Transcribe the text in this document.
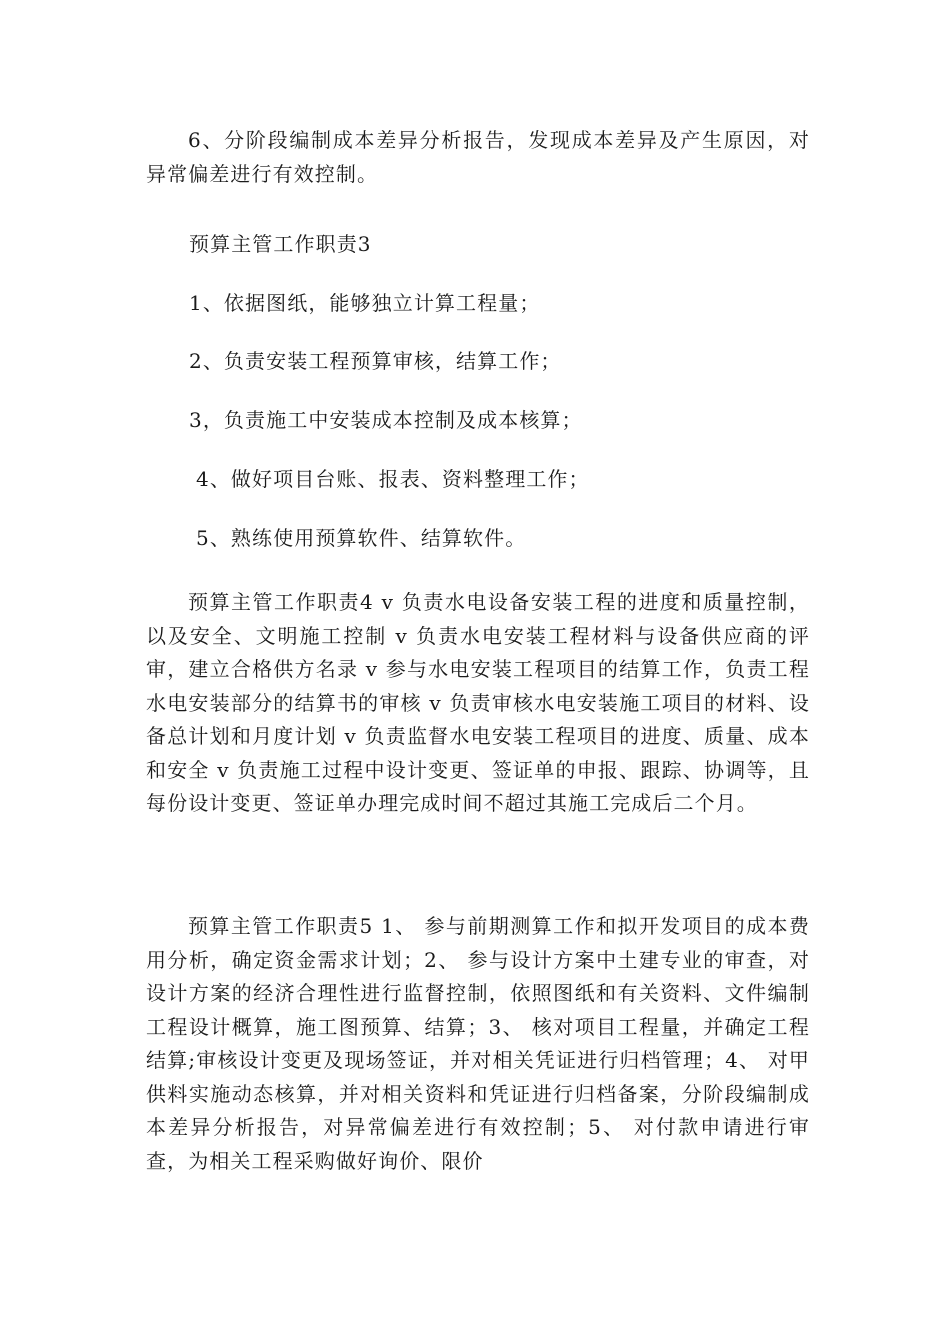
6、分阶段编制成本差异分析报告，发现成本差异及产生原因，对异常偏差进行有效控制。

预算主管工作职责3

1、依据图纸，能够独立计算工程量；

2、负责安装工程预算审核，结算工作；

3，负责施工中安装成本控制及成本核算；

4、做好项目台账、报表、资料整理工作；

5、熟练使用预算软件、结算软件。

预算主管工作职责4 v 负责水电设备安装工程的进度和质量控制，以及安全、文明施工控制 v 负责水电安装工程材料与设备供应商的评审，建立合格供方名录 v 参与水电安装工程项目的结算工作，负责工程水电安装部分的结算书的审核 v 负责审核水电安装施工项目的材料、设备总计划和月度计划 v 负责监督水电安装工程项目的进度、质量、成本和安全 v 负责施工过程中设计变更、签证单的申报、跟踪、协调等，且每份设计变更、签证单办理完成时间不超过其施工完成后二个月。

预算主管工作职责5 1、 参与前期测算工作和拟开发项目的成本费用分析，确定资金需求计划；2、 参与设计方案中土建专业的审查，对设计方案的经济合理性进行监督控制，依照图纸和有关资料、文件编制工程设计概算，施工图预算、结算；3、 核对项目工程量，并确定工程结算;审核设计变更及现场签证，并对相关凭证进行归档管理；4、 对甲供料实施动态核算，并对相关资料和凭证进行归档备案，分阶段编制成本差异分析报告，对异常偏差进行有效控制；5、 对付款申请进行审查，为相关工程采购做好询价、限价
